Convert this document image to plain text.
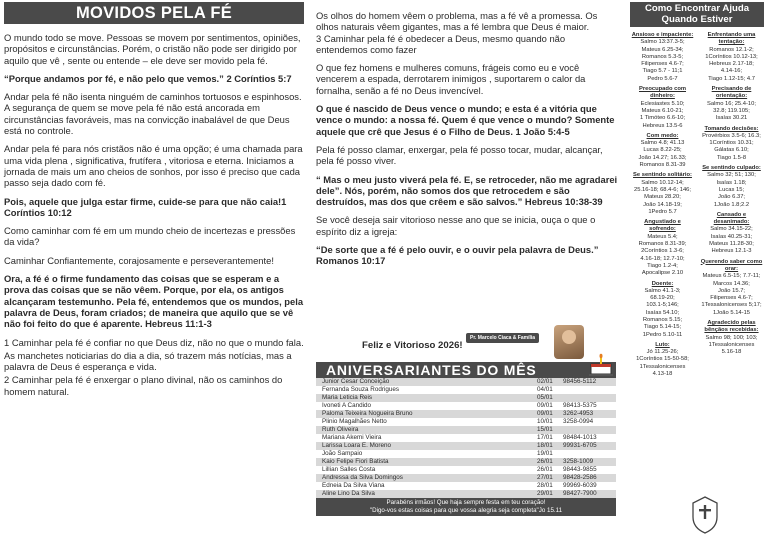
MOVIDOS PELA FÉ

O mundo todo se move. Pessoas se movem por sentimentos, opiniões, propósitos e circunstâncias. Porém, o cristão não pode ser dirigido por aquilo que vê , sente ou entende – ele deve ser movido pela fé.

“Porque andamos por fé, e não pelo que vemos.” 2 Coríntios 5:7

Andar pela fé não isenta ninguém de caminhos tortuosos e espinhosos. A segurança de quem se move pela fé não está ancorada em circunstâncias favoráveis, mas na convicção inabalável de que Deus está no controle.

Andar pela fé para nós cristãos não é uma opção; é uma chamada para uma vida plena , significativa, frutífera , vitoriosa e eterna. Iniciamos a jornada de mais um ano cheios de sonhos, por isso é preciso que cada passo seja dado com fé.

Pois, aquele que julga estar firme, cuide-se para que não caia!1 Coríntios 10:12

Como caminhar com fé em um mundo cheio de incertezas e pressões da vida?

Caminhar Confiantemente, corajosamente e perseverantemente!

Ora, a fé é o firme fundamento das coisas que se esperam e a prova das coisas que se não vêem. Porque, por ela, os antigos alcançaram testemunho. Pela fé, entendemos que os mundos, pela palavra de Deus, foram criados; de maneira que aquilo que se vê não foi feito do que é aparente. Hebreus 11:1-3

1 Caminhar pela fé é confiar no que Deus diz, não no que o mundo fala.

As manchetes noticiarias do dia a dia, só trazem más notícias, mas a palavra de Deus é esperança e vida.

2 Caminhar pela fé é enxergar o plano divinal, não os caminhos do homem natural.

Os olhos do homem vêem o problema, mas a fé vê a promessa. Os olhos naturais vêem gigantes, mas a fé lembra que Deus é maior.

3 Caminhar pela fé é obedecer a Deus, mesmo quando não entendemos como fazer

O que fez homens e mulheres comuns, frágeis como eu e você vencerem a espada, derrotarem inimigos , suportarem o calor da fornalha, senão a fé no Deus invencível.

O que é nascido de Deus vence o mundo; e esta é a vitória que vence o mundo: a nossa fé. Quem é que vence o mundo? Somente aquele que crê que Jesus é o Filho de Deus. 1 João 5:4-5

Pela fé posso clamar, enxergar, pela fé posso tocar, mudar, alcançar, pela fé posso viver.

“ Mas o meu justo viverá pela fé. E, se retroceder, não me agradarei dele”. Nós, porém, não somos dos que retrocedem e são destruídos, mas dos que crêem e são salvos.” Hebreus 10:38-39

Se você deseja sair vitorioso nesse ano que se inicia, ouça o que o espírito diz a igreja:

“De sorte que a fé é pelo ouvir, e o ouvir pela palavra de Deus.” Romanos 10:17

Pr. Marcelo Ciaca & Família
Feliz e Vitorioso 2026!
ANIVERSARIANTES DO MÊS
Junior Cesar Conceição	02/01	98456-5112
Fernanda Souza Rodrigues	04/01
Maria Leticia Reis	05/01
Ivoneti A Candido	09/01	98413-5375
Paloma Teixeira Nogueira Bruno	09/01	3262-4953
Plinio Magalhães Netto	10/01	3258-0994
Ruth Oliveira	15/01
Mariana Akemi Vieira	17/01	98484-1013
Larissa Loara E. Moreno	18/01	99931-6705
João Sampaio	19/01
Kaio Felipe Fiori Batista	26/01	3258-1009
Lillian Salles Costa	26/01	98443-9855
Andressa da Silva Domingos	27/01	98428-2586
Edneia Da Silva Viana	28/01	99969-6039
Aline Lino Da Silva	29/01	98427-7900
Parabéns irmãos! Que haja sempre festa em teu coração!
"Digo-vos estas coisas para que vossa alegria seja completa"Jo 15.11
Como Encontrar Ajuda
Quando Estiver
Ansioso e impaciente:
Salmo 13:37.3-5;
Mateus 6.25-34;
Romanos 5.3-5;
Filipenses 4.6-7;
Tiago 5.7 - 11;1
Pedro 5.6-7
Preocupado com dinheiro:
Eclesiastes 5.10;
Mateus 6.10-21;
1 Timóteo 6.6-10;
Hebreus 13.5-6
Com medo:
Salmo 4.8; 41.13
Lucas 8.22-25;
João 14.27; 16.33;
Romanos 8.31-39
Se sentindo solitário:
Salmo 10.12-14;
25.16-18; 68.4-6; 146;
Mateus 28.20;
João 14.18-19;
1Pedro 5.7
Angustiado e sofrendo:
Mateus 5.4;
Romanos 8.31-39;
2Coríntios 1.3-6;
4.16-18; 12.7-10;
Tiago 1.2-4;
Apocalipse 2.10
Doente:
Salmo 41.1-3;
68.19-20;
103.1-5;146;
Isaías 54.10;
Romanos 5.15;
Tiago 5.14-15;
1Pedro 5.10-11
Luto:
Jó 11.25-26;
1Coríntios 15-50-58;
1Tessalonicenses
4.13-18
Enfrentando uma tentação:
Romanos 12.1-2;
1Coríntios 10.12-13;
Hebreus 2.17-18;
4.14-16;
Tiago 1.12-15; 4.7
Precisando de orientação:
Salmo 16; 25.4-10;
32.8; 119.105;
Isaías 30.21
Tomando decisões:
Provérbios 3.5-6; 16.3;
1Coríntios 10.31;
Gálatas 6.10;
Tiago 1.5-8
Se sentindo culpado:
Salmo 32; 51; 130;
Isaías 1.18;
Lucas 15;
João 6.37;
1João 1.8;2.2
Cansado e desanimado:
Salmo 34.15-22;
Isaías 40.25-31;
Mateus 11.28-30;
Hebreus 12.1-3
Querendo saber como orar:
Mateus 6.5-15; 7.7-11;
Marcos 14.36;
João 15.7;
Filipenses 4.6-7;
1Tessalonicenses 5;17;
1João 5.14-15
Agradecido pelas bênçãos recebidas:
Salmo 98; 100; 103;
1Tessalonicenses
5.16-18
